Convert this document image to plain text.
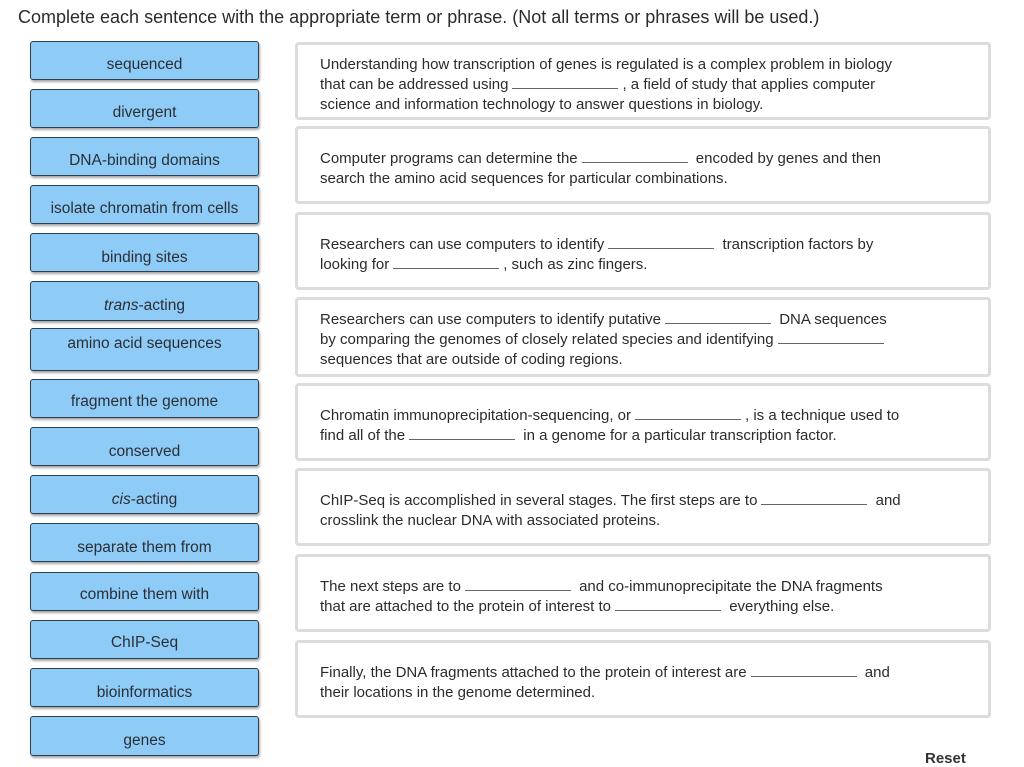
Complete each sentence with the appropriate term or phrase. (Not all terms or phrases will be used.)
sequenced
divergent
DNA-binding domains
isolate chromatin from cells
binding sites
trans-acting
amino acid sequences
fragment the genome
conserved
cis-acting
separate them from
combine them with
ChIP-Seq
bioinformatics
genes

Understanding how transcription of genes is regulated is a complex problem in biology
that can be addressed using	, a field of study that applies computer
science and information technology to answer questions in biology.

Computer programs can determine the	encoded by genes and then
search the amino acid sequences for particular combinations.

Researchers can use computers to identify	transcription factors by
looking for	, such as zinc fingers.

Researchers can use computers to identify putative	DNA sequences
by comparing the genomes of closely related species and identifying
sequences that are outside of coding regions.

Chromatin immunoprecipitation-sequencing, or	, is a technique used to
find all of the	in a genome for a particular transcription factor.

ChIP-Seq is accomplished in several stages. The first steps are to	and
crosslink the nuclear DNA with associated proteins.

The next steps are to	and co-immunoprecipitate the DNA fragments
that are attached to the protein of interest to	everything else.

Finally, the DNA fragments attached to the protein of interest are	and
their locations in the genome determined.

Reset
